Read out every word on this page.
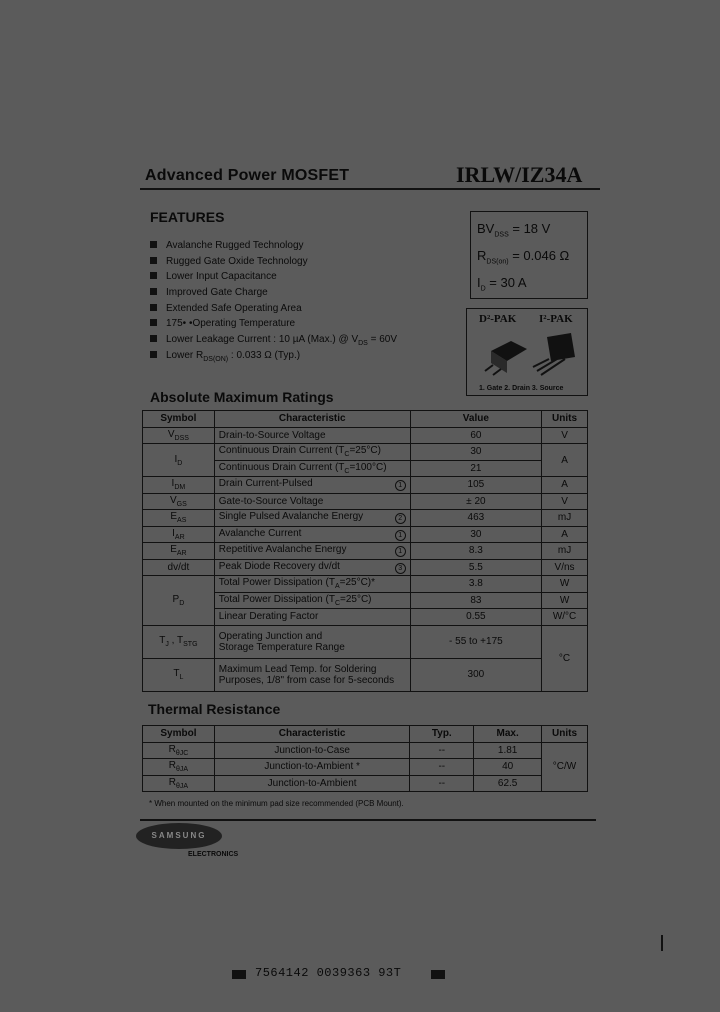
Advanced Power MOSFET	IRLW/IZ34A
FEATURES
Avalanche Rugged Technology
Rugged Gate Oxide Technology
Lower Input Capacitance
Improved Gate Charge
Extended Safe Operating Area
175• •Operating Temperature
Lower Leakage Current : 10 µA (Max.) @ $V_{DS} = 60V$
Lower $R_{DS(ON)}$ : 0.033 Ω (Typ.)
$BV_{DSS} = 18$ V
$R_{DS(on)} = 0.046$ Ω
$I_D = 30$ A
D²-PAK I²-PAK
1. Gate 2. Drain 3. Source
Absolute Maximum Ratings
Symbol	Characteristic	Value	Units
$V_{DSS}$	Drain-to-Source Voltage	60	V
$I_D$	Continuous Drain Current $(T_C=25^\circ C)$	30	A
	Continuous Drain Current $(T_C=100^\circ C)$	21	
$I_{DM}$	Drain Current-Pulsed 1	105	A
$V_{GS}$	Gate-to-Source Voltage	± 20	V
$E_{AS}$	Single Pulsed Avalanche Energy 2	463	mJ
$I_{AR}$	Avalanche Current 1	30	A
$E_{AR}$	Repetitive Avalanche Energy 1	8.3	mJ
dv/dt	Peak Diode Recovery dv/dt 3	5.5	V/ns
$P_D$	Total Power Dissipation $(T_A=25^\circ C)*$	3.8	W
	Total Power Dissipation $(T_C=25^\circ C)$	83	W
	Linear Derating Factor	0.55	W/°C
$T_J$ , $T_{STG}$	Operating Junction and
Storage Temperature Range	- 55 to +175	°C
$T_L$	Maximum Lead Temp. for Soldering
Purposes, 1/8" from case for 5-seconds	300	
Thermal Resistance
Symbol	Characteristic	Typ.	Max.	Units
$R_{\theta JC}$	Junction-to-Case	--	1.81	°C/W
$R_{\theta JA}$	Junction-to-Ambient *	--	40	
$R_{\theta JA}$	Junction-to-Ambient	--	62.5	
* When mounted on the minimum pad size recommended (PCB Mount).
SAMSUNG
ELECTRONICS
7564142 0039363 93T
